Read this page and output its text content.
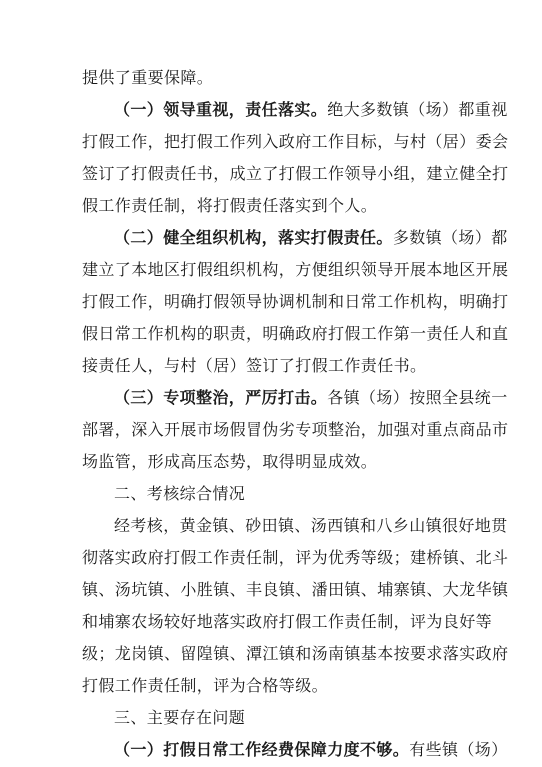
提供了重要保障。
（一）领导重视，责任落实。绝大多数镇（场）都重视
打假工作，把打假工作列入政府工作目标，与村（居）委会
签订了打假责任书，成立了打假工作领导小组，建立健全打
假工作责任制，将打假责任落实到个人。
（二）健全组织机构，落实打假责任。多数镇（场）都
建立了本地区打假组织机构，方便组织领导开展本地区开展
打假工作，明确打假领导协调机制和日常工作机构，明确打
假日常工作机构的职责，明确政府打假工作第一责任人和直
接责任人，与村（居）签订了打假工作责任书。
（三）专项整治，严厉打击。各镇（场）按照全县统一
部署，深入开展市场假冒伪劣专项整治，加强对重点商品市
场监管，形成高压态势，取得明显成效。
二、考核综合情况
经考核，黄金镇、砂田镇、汤西镇和八乡山镇很好地贯
彻落实政府打假工作责任制，评为优秀等级；建桥镇、北斗
镇、汤坑镇、小胜镇、丰良镇、潘田镇、埔寨镇、大龙华镇
和埔寨农场较好地落实政府打假工作责任制，评为良好等
级；龙岗镇、留隍镇、潭江镇和汤南镇基本按要求落实政府
打假工作责任制，评为合格等级。
三、主要存在问题
（一）打假日常工作经费保障力度不够。有些镇（场）
